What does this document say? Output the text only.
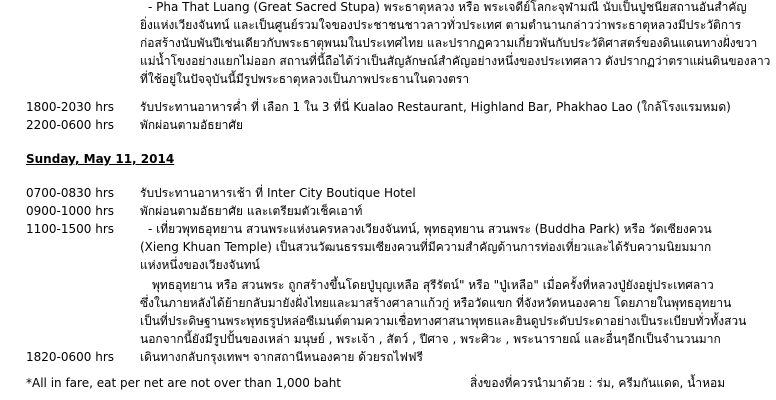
- Pha That Luang (Great Sacred Stupa) พระธาตุหลวง หรือ พระเจดีย์โลกะจุฬามณี นับเป็นปูชนียสถานอันสำคัญ
ยิ่งแห่งเวียงจันทน์ และเป็นศูนย์รวมใจของประชาชนชาวลาวทั่วประเทศ ตามตำนานกล่าวว่าพระธาตุหลวงมีประวัติการ
ก่อสร้างนับพันปีเช่นเดียวกับพระธาตุพนมในประเทศไทย และปรากฏความเกี่ยวพันกับประวัติศาสตร์ของดินแดนทางฝั่งขวา
แม่น้ำโขงอย่างแยกไม่ออก สถานที่นี้ถือได้ว่าเป็นสัญลักษณ์สำคัญอย่างหนึ่งของประเทศลาว ดังปรากฏว่าตราแผ่นดินของลาว
ที่ใช้อยู่ในปัจจุบันนี้มีรูปพระธาตุหลวงเป็นภาพประธานในดวงตรา
1800-2030 hrs รับประทานอาหารค่ำ ที่ เลือก 1 ใน 3 ที่นี่ Kualao Restaurant, Highland Bar, Phakhao Lao (ใกล้โรงแรมหมด)
2200-0600 hrs พักผ่อนตามอัธยาศัย
Sunday, May 11, 2014
0700-0830 hrs รับประทานอาหารเช้า ที่ Inter City Boutique Hotel
0900-1000 hrs พักผ่อนตามอัธยาศัย และเตรียมตัวเช็คเอาท์
1100-1500 hrs	- เที่ยวพุทธอุทยาน สวนพระแห่งนครหลวงเวียงจันทน์, พุทธอุทยาน สวนพระ (Buddha Park) หรือ วัดเซียงควน
(Xieng Khuan Temple) เป็นสวนวัฒนธรรมเซียงควนที่มีความสำคัญด้านการท่องเที่ยวและได้รับความนิยมมาก
แห่งหนึ่งของเวียงจันทน์
พุทธอุทยาน หรือ สวนพระ ถูกสร้างขึ้นโดยปู่บุญเหลือ สุรีรัตน์" หรือ "ปู่เหลือ" เมื่อครั้งที่หลวงปู่ยังอยู่ประเทศลาว
ซึ่งในภายหลังได้ย้ายกลับมายังฝั่งไทยและมาสร้างศาลาแก้วกู่ หรือวัดแขก ที่จังหวัดหนองคาย โดยภายในพุทธอุทยาน
เป็นที่ประดิษฐานพระพุทธรูปหล่อซีเมนต์ตามความเชื่อทางศาสนาพุทธและฮินดูประดับประดาอย่างเป็นระเบียบทั่วทั้งสวน
นอกจากนี้ยังมีรูปปั้นของเหล่า มนุษย์ , พระเจ้า , สัตว์ , ปีศาจ , พระศิวะ , พระนารายณ์ และอื่นๆอีกเป็นจำนวนมาก
1820-0600 hrs เดินทางกลับกรุงเทพฯ จากสถานีหนองคาย ด้วยรถไฟฟรี
*All in fare, eat per net are not over than 1,000 baht	สิ่งของที่ควรนำมาด้วย : ร่ม, ครีมกันแดด, น้ำหอม
